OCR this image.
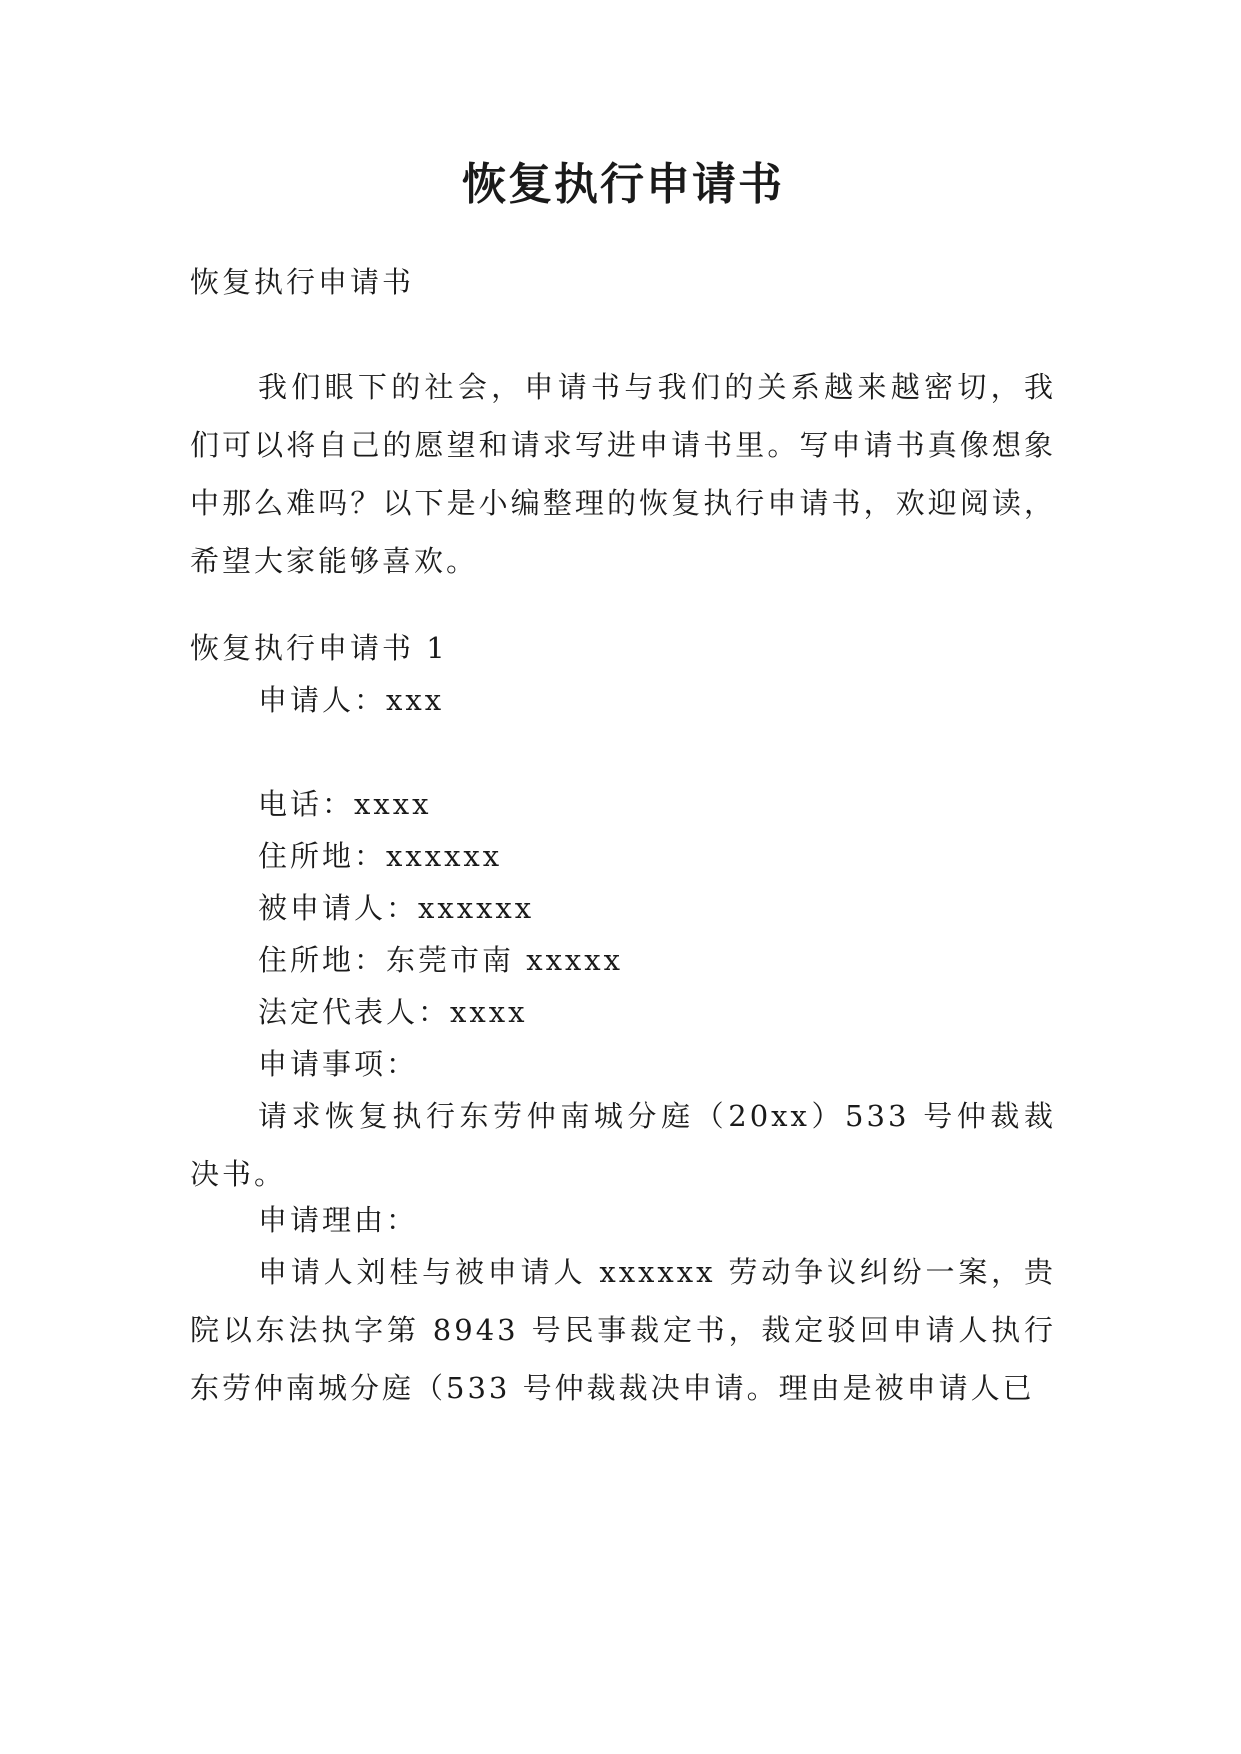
恢复执行申请书
恢复执行申请书
我们眼下的社会，申请书与我们的关系越来越密切，我们可以将自己的愿望和请求写进申请书里。写申请书真像想象中那么难吗？以下是小编整理的恢复执行申请书，欢迎阅读，希望大家能够喜欢。
恢复执行申请书 1
申请人：xxx
电话：xxxx
住所地：xxxxxx
被申请人：xxxxxx
住所地：东莞市南 xxxxx
法定代表人：xxxx
申请事项：
请求恢复执行东劳仲南城分庭（20xx）533 号仲裁裁决书。
申请理由：
申请人刘桂与被申请人 xxxxxx 劳动争议纠纷一案，贵院以东法执字第 8943 号民事裁定书，裁定驳回申请人执行东劳仲南城分庭（533 号仲裁裁决申请。理由是被申请人已
